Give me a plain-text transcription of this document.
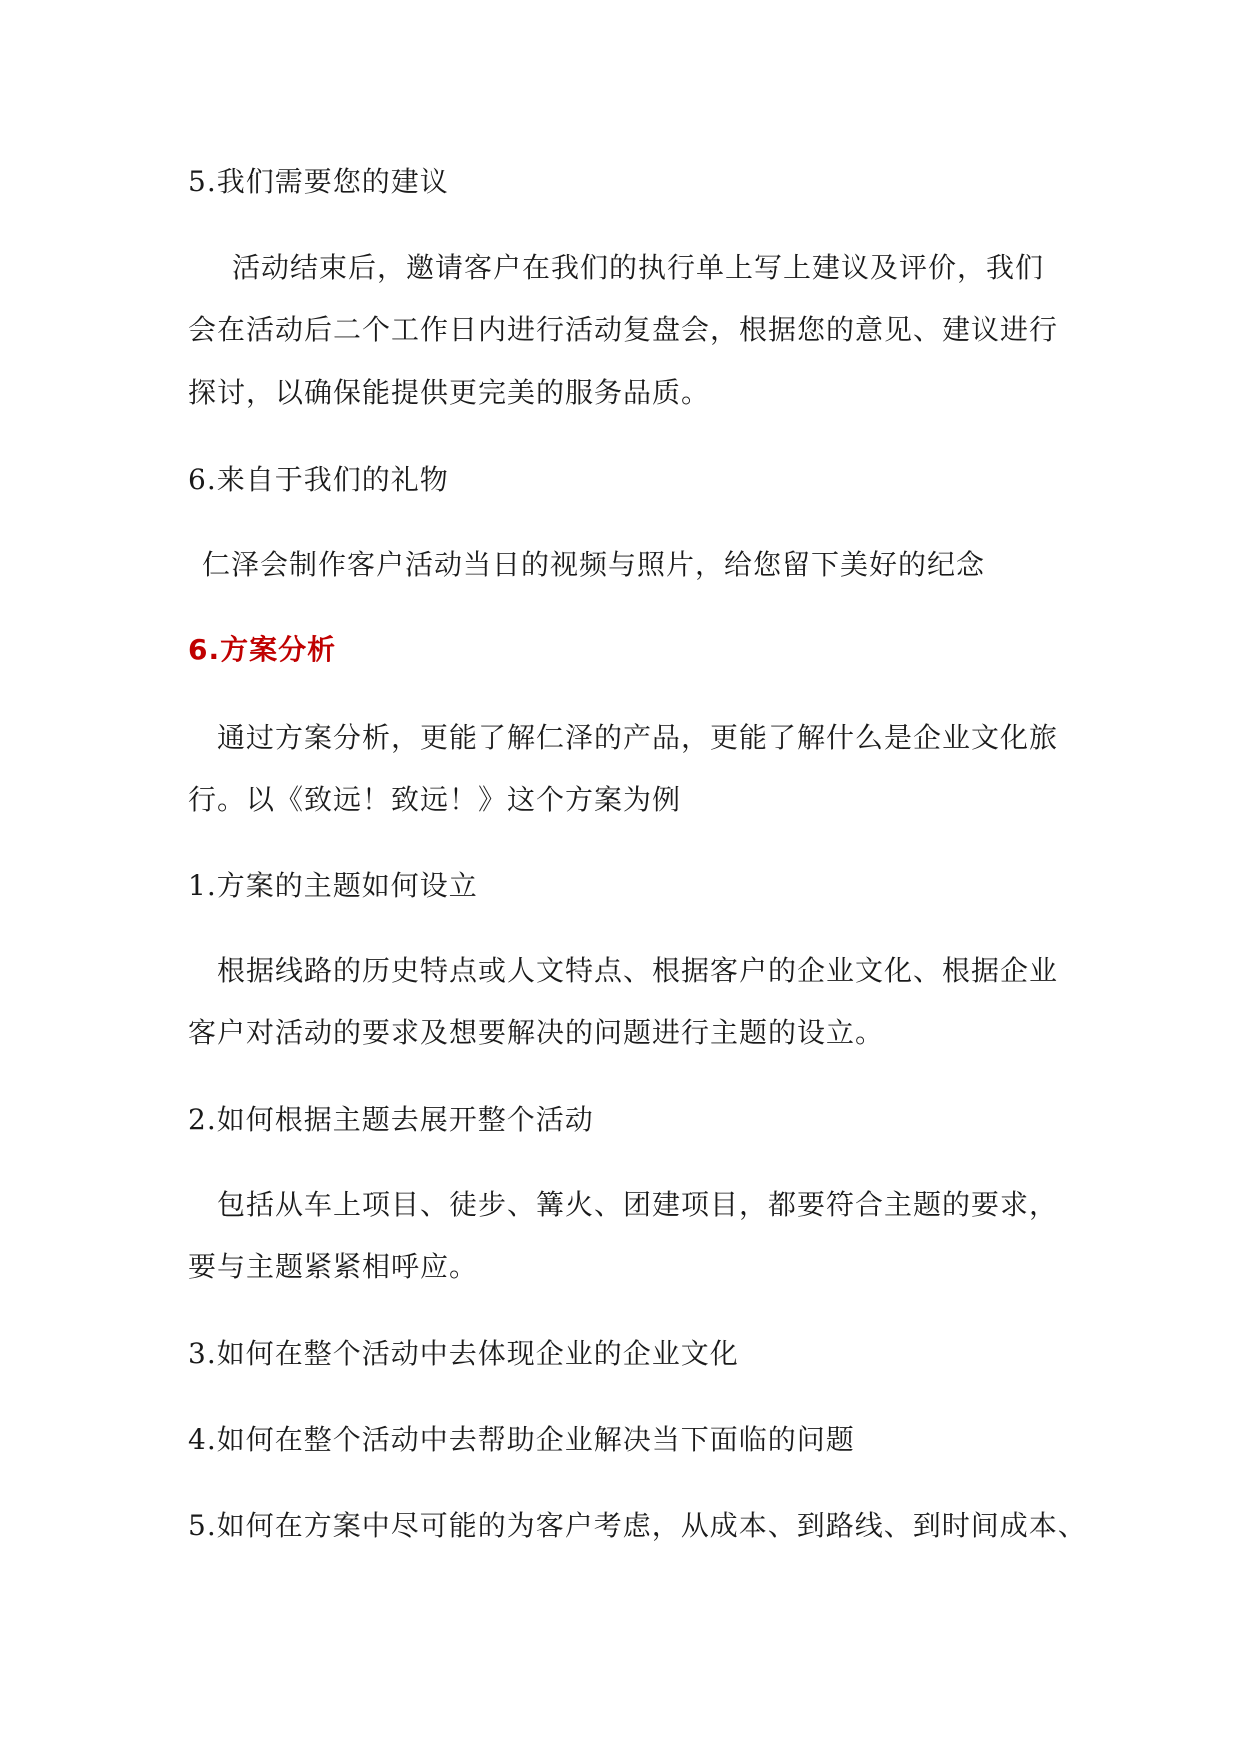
5.我们需要您的建议
活动结束后，邀请客户在我们的执行单上写上建议及评价，我们
会在活动后二个工作日内进行活动复盘会，根据您的意见、建议进行
探讨，以确保能提供更完美的服务品质。
6.来自于我们的礼物
仁泽会制作客户活动当日的视频与照片，给您留下美好的纪念
6.方案分析
通过方案分析，更能了解仁泽的产品，更能了解什么是企业文化旅
行。以《致远！致远！》这个方案为例
1.方案的主题如何设立
根据线路的历史特点或人文特点、根据客户的企业文化、根据企业
客户对活动的要求及想要解决的问题进行主题的设立。
2.如何根据主题去展开整个活动
包括从车上项目、徒步、篝火、团建项目，都要符合主题的要求，
要与主题紧紧相呼应。
3.如何在整个活动中去体现企业的企业文化
4.如何在整个活动中去帮助企业解决当下面临的问题
5.如何在方案中尽可能的为客户考虑，从成本、到路线、到时间成本、
